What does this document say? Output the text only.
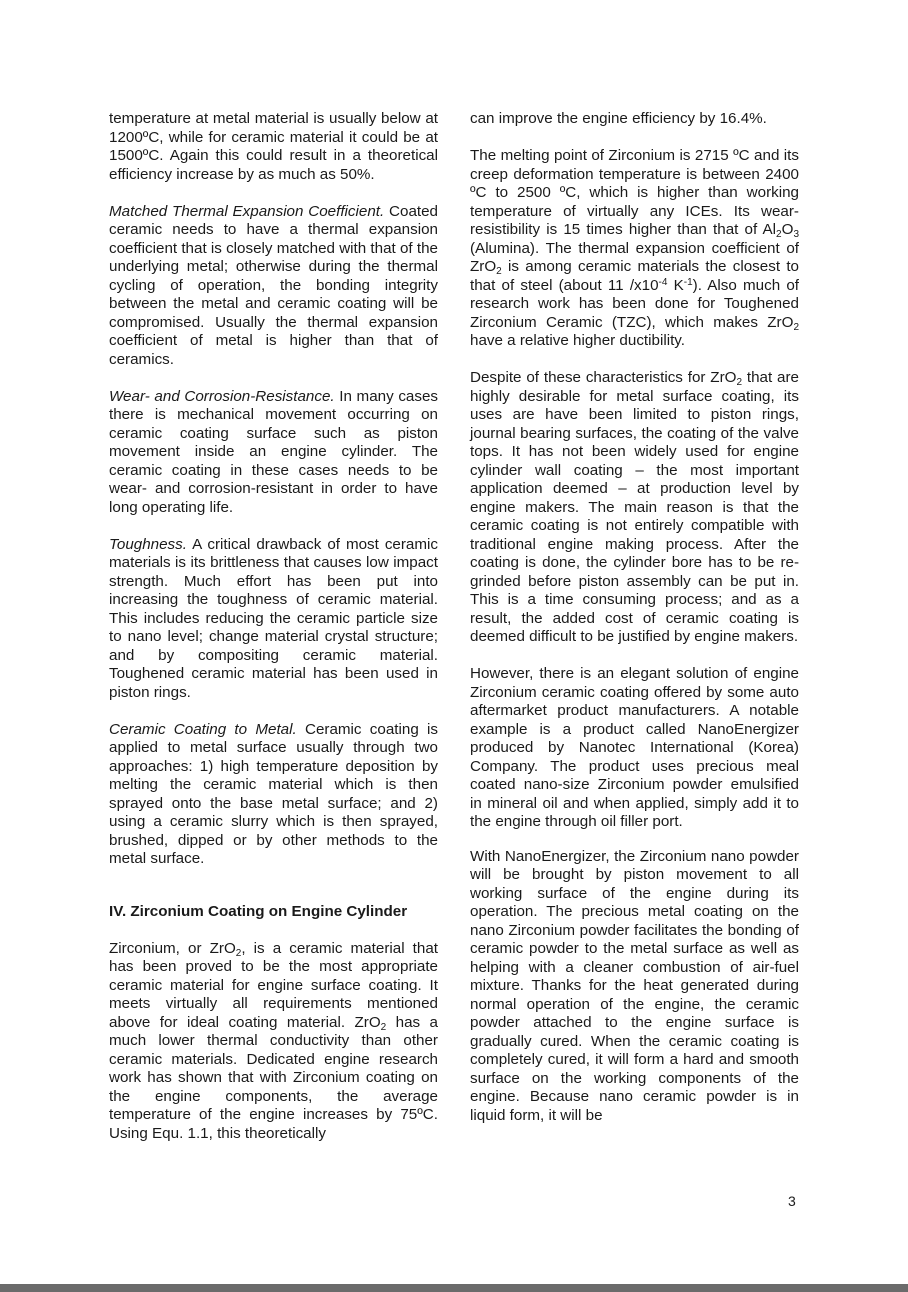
temperature at metal material is usually below at 1200ºC, while for ceramic material it could be at 1500ºC. Again this could result in a theoretical efficiency increase by as much as 50%.

Matched Thermal Expansion Coefficient. Coated ceramic needs to have a thermal expansion coefficient that is closely matched with that of the underlying metal; otherwise during the thermal cycling of operation, the bonding integrity between the metal and ceramic coating will be compromised. Usually the thermal expansion coefficient of metal is higher than that of ceramics.

Wear- and Corrosion-Resistance. In many cases there is mechanical movement occurring on ceramic coating surface such as piston movement inside an engine cylinder. The ceramic coating in these cases needs to be wear- and corrosion-resistant in order to have long operating life.

Toughness. A critical drawback of most ceramic materials is its brittleness that causes low impact strength. Much effort has been put into increasing the toughness of ceramic material. This includes reducing the ceramic particle size to nano level; change material crystal structure; and by compositing ceramic material. Toughened ceramic material has been used in piston rings.

Ceramic Coating to Metal. Ceramic coating is applied to metal surface usually through two approaches: 1) high temperature deposition by melting the ceramic material which is then sprayed onto the base metal surface; and 2) using a ceramic slurry which is then sprayed, brushed, dipped or by other methods to the metal surface.

IV. Zirconium Coating on Engine Cylinder

Zirconium, or ZrO$_2$, is a ceramic material that has been proved to be the most appropriate ceramic material for engine surface coating. It meets virtually all requirements mentioned above for ideal coating material. ZrO$_2$ has a much lower thermal conductivity than other ceramic materials. Dedicated engine research work has shown that with Zirconium coating on the engine components, the average temperature of the engine increases by 75ºC. Using Equ. 1.1, this theoretically

can improve the engine efficiency by 16.4%.

The melting point of Zirconium is 2715 ºC and its creep deformation temperature is between 2400 ºC to 2500 ºC, which is higher than working temperature of virtually any ICEs. Its wear-resistibility is 15 times higher than that of $Al_2O_3$ (Alumina). The thermal expansion coefficient of ZrO$_2$ is among ceramic materials the closest to that of steel (about 11 $/x10^{-4}$ $K^{-1}$). Also much of research work has been done for Toughened Zirconium Ceramic (TZC), which makes ZrO$_2$ have a relative higher ductibility.

Despite of these characteristics for ZrO$_2$ that are highly desirable for metal surface coating, its uses are have been limited to piston rings, journal bearing surfaces, the coating of the valve tops. It has not been widely used for engine cylinder wall coating – the most important application deemed – at production level by engine makers. The main reason is that the ceramic coating is not entirely compatible with traditional engine making process. After the coating is done, the cylinder bore has to be re-grinded before piston assembly can be put in. This is a time consuming process; and as a result, the added cost of ceramic coating is deemed difficult to be justified by engine makers.

However, there is an elegant solution of engine Zirconium ceramic coating offered by some auto aftermarket product manufacturers. A notable example is a product called NanoEnergizer produced by Nanotec International (Korea) Company. The product uses precious meal coated nano-size Zirconium powder emulsified in mineral oil and when applied, simply add it to the engine through oil filler port.

With NanoEnergizer, the Zirconium nano powder will be brought by piston movement to all working surface of the engine during its operation. The precious metal coating on the nano Zirconium powder facilitates the bonding of ceramic powder to the metal surface as well as helping with a cleaner combustion of air-fuel mixture. Thanks for the heat generated during normal operation of the engine, the ceramic powder attached to the engine surface is gradually cured. When the ceramic coating is completely cured, it will form a hard and smooth surface on the working components of the engine. Because nano ceramic powder is in liquid form, it will be

3
